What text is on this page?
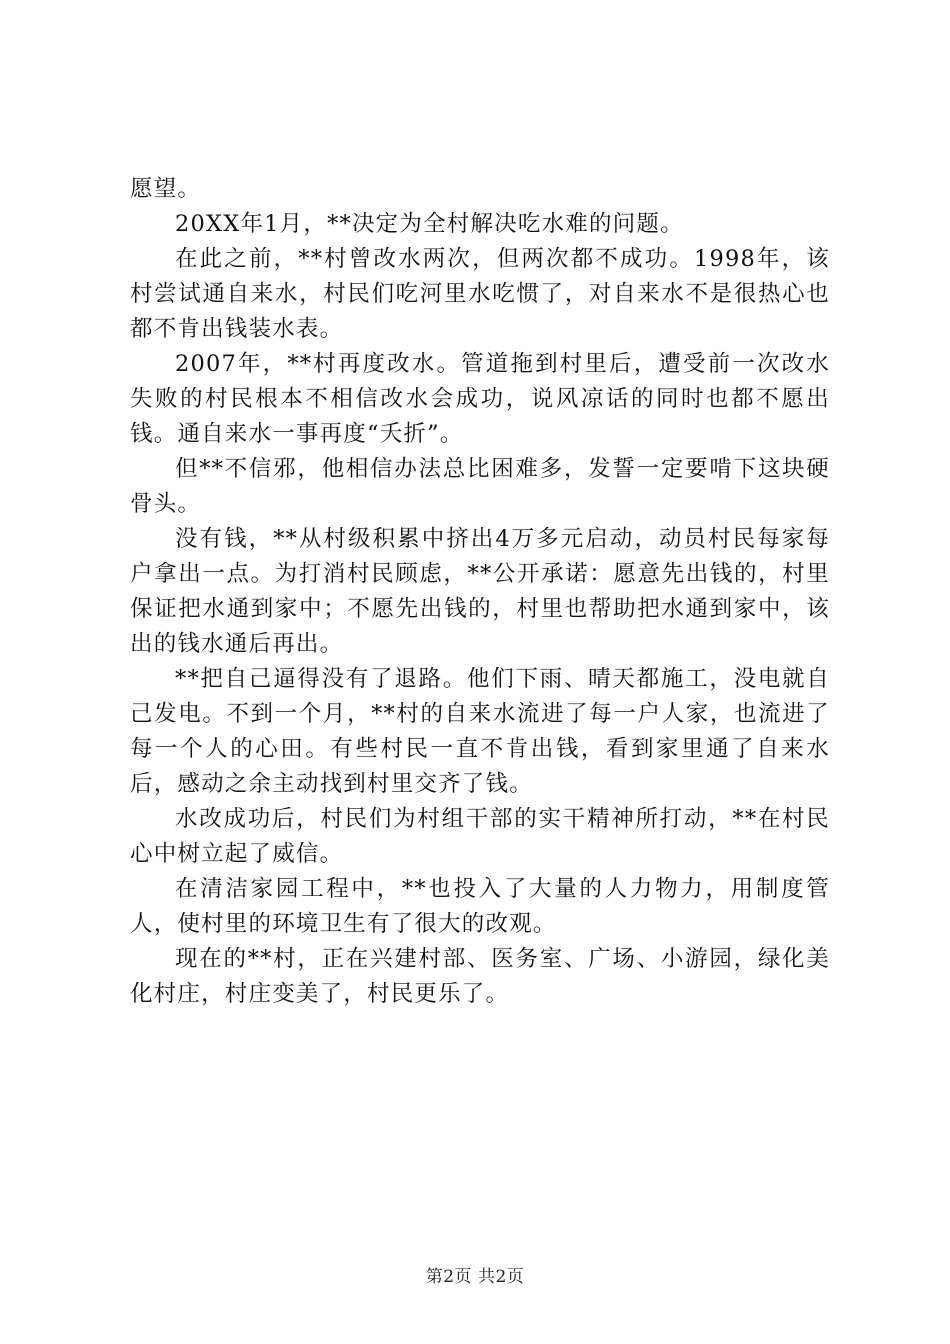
愿望。

20XX年1月，**决定为全村解决吃水难的问题。

在此之前，**村曾改水两次，但两次都不成功。1998年，该村尝试通自来水，村民们吃河里水吃惯了，对自来水不是很热心也都不肯出钱装水表。

2007年，**村再度改水。管道拖到村里后，遭受前一次改水失败的村民根本不相信改水会成功，说风凉话的同时也都不愿出钱。通自来水一事再度“夭折”。

但**不信邪，他相信办法总比困难多，发誓一定要啃下这块硬骨头。

没有钱，**从村级积累中挤出4万多元启动，动员村民每家每户拿出一点。为打消村民顾虑，**公开承诺：愿意先出钱的，村里保证把水通到家中；不愿先出钱的，村里也帮助把水通到家中，该出的钱水通后再出。

**把自己逼得没有了退路。他们下雨、晴天都施工，没电就自己发电。不到一个月，**村的自来水流进了每一户人家，也流进了每一个人的心田。有些村民一直不肯出钱，看到家里通了自来水后，感动之余主动找到村里交齐了钱。

水改成功后，村民们为村组干部的实干精神所打动，**在村民心中树立起了威信。

在清洁家园工程中，**也投入了大量的人力物力，用制度管人，使村里的环境卫生有了很大的改观。

现在的**村，正在兴建村部、医务室、广场、小游园，绿化美化村庄，村庄变美了，村民更乐了。

第2页 共2页
